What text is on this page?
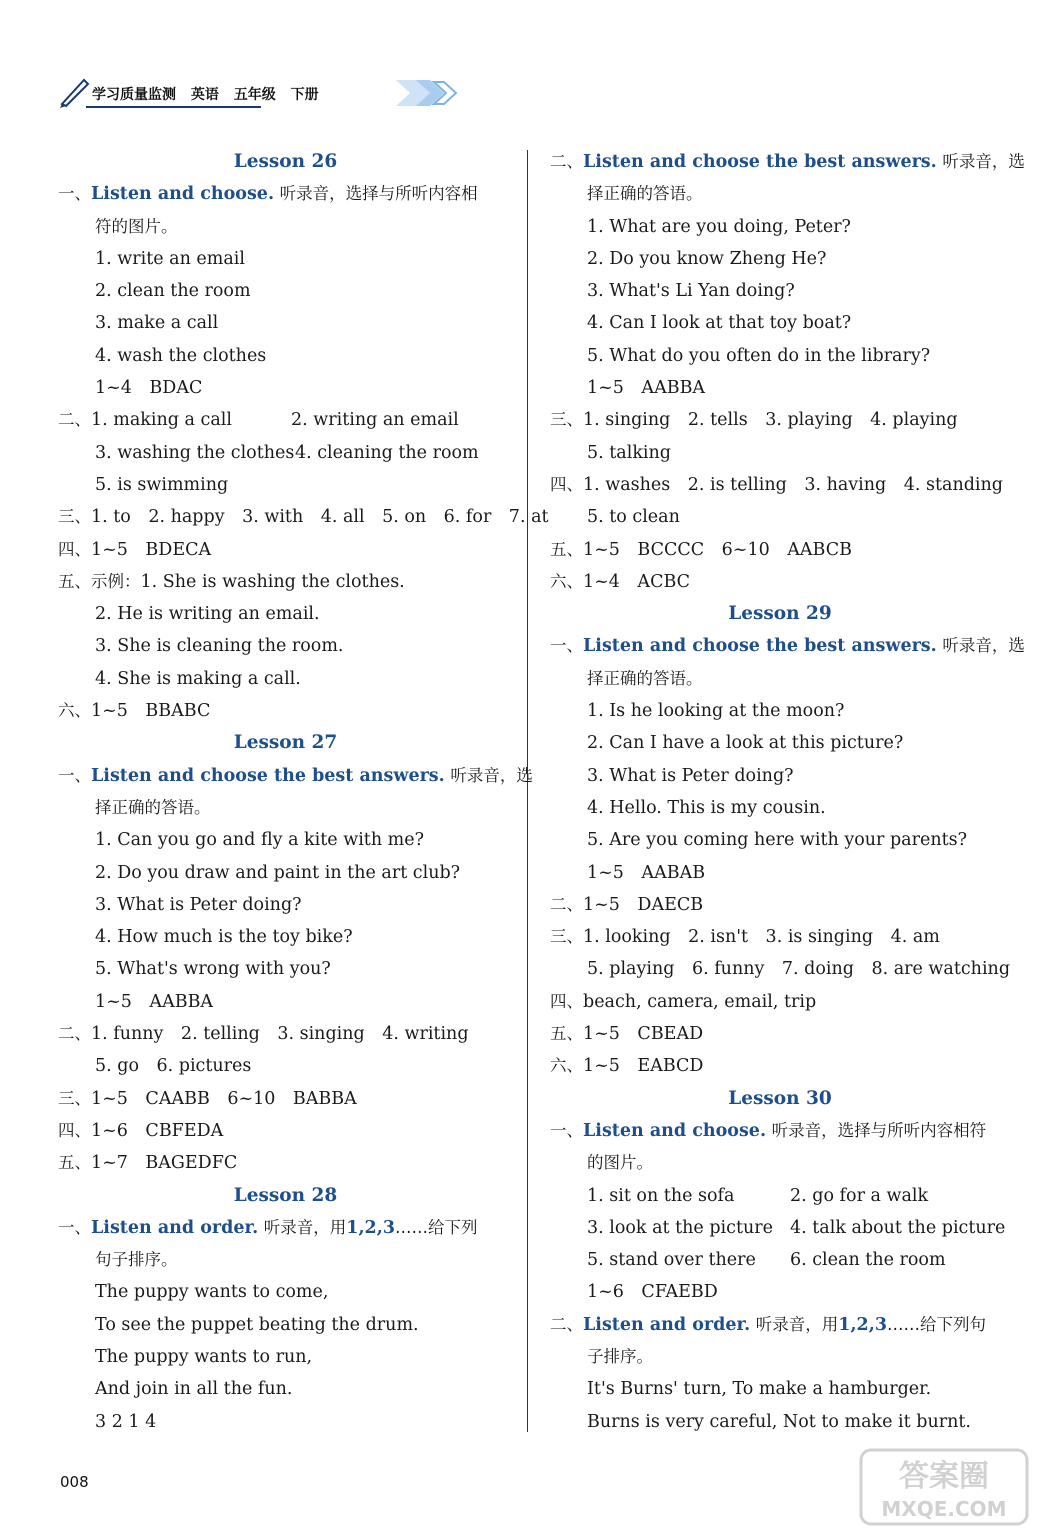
学习质量监测 英语 五年级 下册
Lesson 26
一、Listen and choose. 听录音，选择与所听内容相
符的图片。
1. write an email
2. clean the room
3. make a call
4. wash the clothes
1~4　BDAC
二、1. making a call	2. writing an email
3. washing the clothes4. cleaning the room
5. is swimming
三、1. to　2. happy　3. with　4. all　5. on　6. for　7. at
四、1~5　BDECA
五、示例：1. She is washing the clothes.
2. He is writing an email.
3. She is cleaning the room.
4. She is making a call.
六、1~5　BBABC
Lesson 27
一、Listen and choose the best answers. 听录音，选
择正确的答语。
1. Can you go and fly a kite with me?
2. Do you draw and paint in the art club?
3. What is Peter doing?
4. How much is the toy bike?
5. What's wrong with you?
1~5　AABBA
二、1. funny　2. telling　3. singing　4. writing
5. go　6. pictures
三、1~5　CAABB　6~10　BABBA
四、1~6　CBFEDA
五、1~7　BAGEDFC
Lesson 28
一、Listen and order. 听录音，用1,2,3……给下列
句子排序。
The puppy wants to come,
To see the puppet beating the drum.
The puppy wants to run,
And join in all the fun.
3 2 1 4
二、Listen and choose the best answers. 听录音，选
择正确的答语。
1. What are you doing, Peter?
2. Do you know Zheng He?
3. What's Li Yan doing?
4. Can I look at that toy boat?
5. What do you often do in the library?
1~5　AABBA
三、1. singing　2. tells　3. playing　4. playing
5. talking
四、1. washes　2. is telling　3. having　4. standing
5. to clean
五、1~5　BCCCC　6~10　AABCB
六、1~4　ACBC
Lesson 29
一、Listen and choose the best answers. 听录音，选
择正确的答语。
1. Is he looking at the moon?
2. Can I have a look at this picture?
3. What is Peter doing?
4. Hello. This is my cousin.
5. Are you coming here with your parents?
1~5　AABAB
二、1~5　DAECB
三、1. looking　2. isn't　3. is singing　4. am
5. playing　6. funny　7. doing　8. are watching
四、beach, camera, email, trip
五、1~5　CBEAD
六、1~5　EABCD
Lesson 30
一、Listen and choose. 听录音，选择与所听内容相符
的图片。
1. sit on the sofa	2. go for a walk
3. look at the picture 4. talk about the picture
5. stand over there 6. clean the room
1~6　CFAEBD
二、Listen and order. 听录音，用1,2,3……给下列句
子排序。
It's Burns' turn, To make a hamburger.
Burns is very careful, Not to make it burnt.
008	答案圈
MXQE.COM
